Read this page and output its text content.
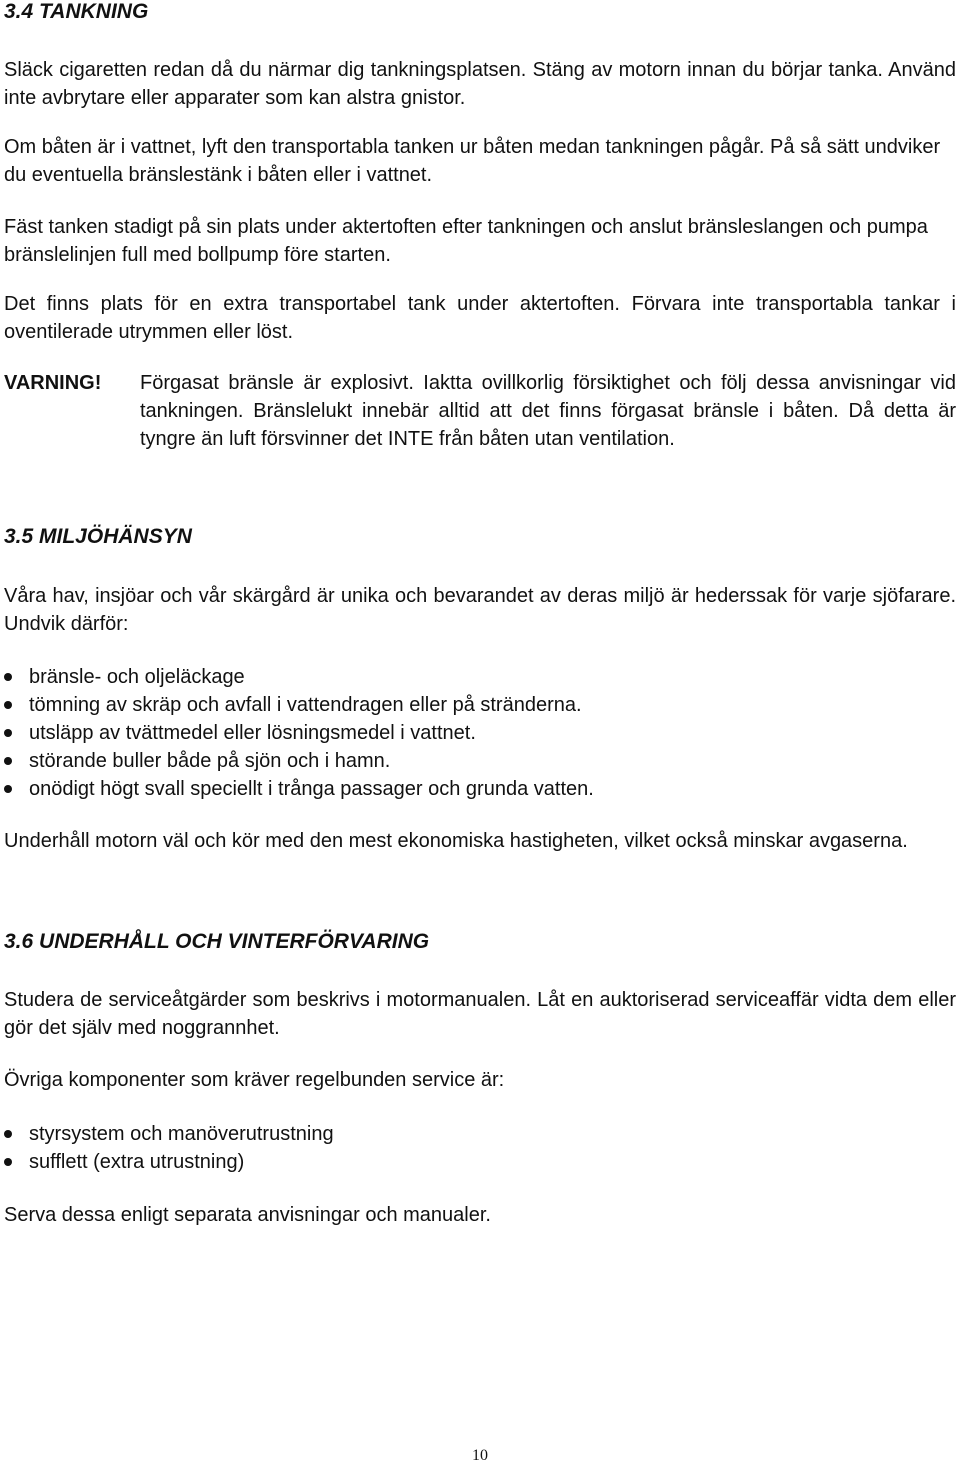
3.4 TANKNING

Släck cigaretten redan då du närmar dig tankningsplatsen. Stäng av motorn innan du börjar tanka. Använd inte avbrytare eller apparater som kan alstra gnistor.

Om båten är i vattnet, lyft den transportabla tanken ur båten medan tankningen pågår. På så sätt undviker du eventuella bränslestänk i båten eller i vattnet.

Fäst tanken stadigt på sin plats under aktertoften efter tankningen och anslut bränsleslangen och pumpa bränslelinjen full med bollpump före starten.

Det finns plats för en extra transportabel tank under aktertoften. Förvara inte transportabla tankar i oventilerade utrymmen eller löst.

VARNING!	Förgasat bränsle är explosivt. Iaktta ovillkorlig försiktighet och följ dessa anvisningar vid tankningen. Bränslelukt innebär alltid att det finns förgasat bränsle i båten. Då detta är tyngre än luft försvinner det INTE från båten utan ventilation.
3.5 MILJÖHÄNSYN

Våra hav, insjöar och vår skärgård är unika och bevarandet av deras miljö är hederssak för varje sjöfarare. Undvik därför:

bränsle- och oljeläckage
tömning av skräp och avfall i vattendragen eller på stränderna.
utsläpp av tvättmedel eller lösningsmedel i vattnet.
störande buller både på sjön och i hamn.
onödigt högt svall speciellt i trånga passager och grunda vatten.

Underhåll motorn väl och kör med den mest ekonomiska hastigheten, vilket också minskar avgaserna.

3.6 UNDERHÅLL OCH VINTERFÖRVARING

Studera de serviceåtgärder som beskrivs i motormanualen. Låt en auktoriserad serviceaffär vidta dem eller gör det själv med noggrannhet.

Övriga komponenter som kräver regelbunden service är:

styrsystem och manöverutrustning
sufflett (extra utrustning)

Serva dessa enligt separata anvisningar och manualer.

10
